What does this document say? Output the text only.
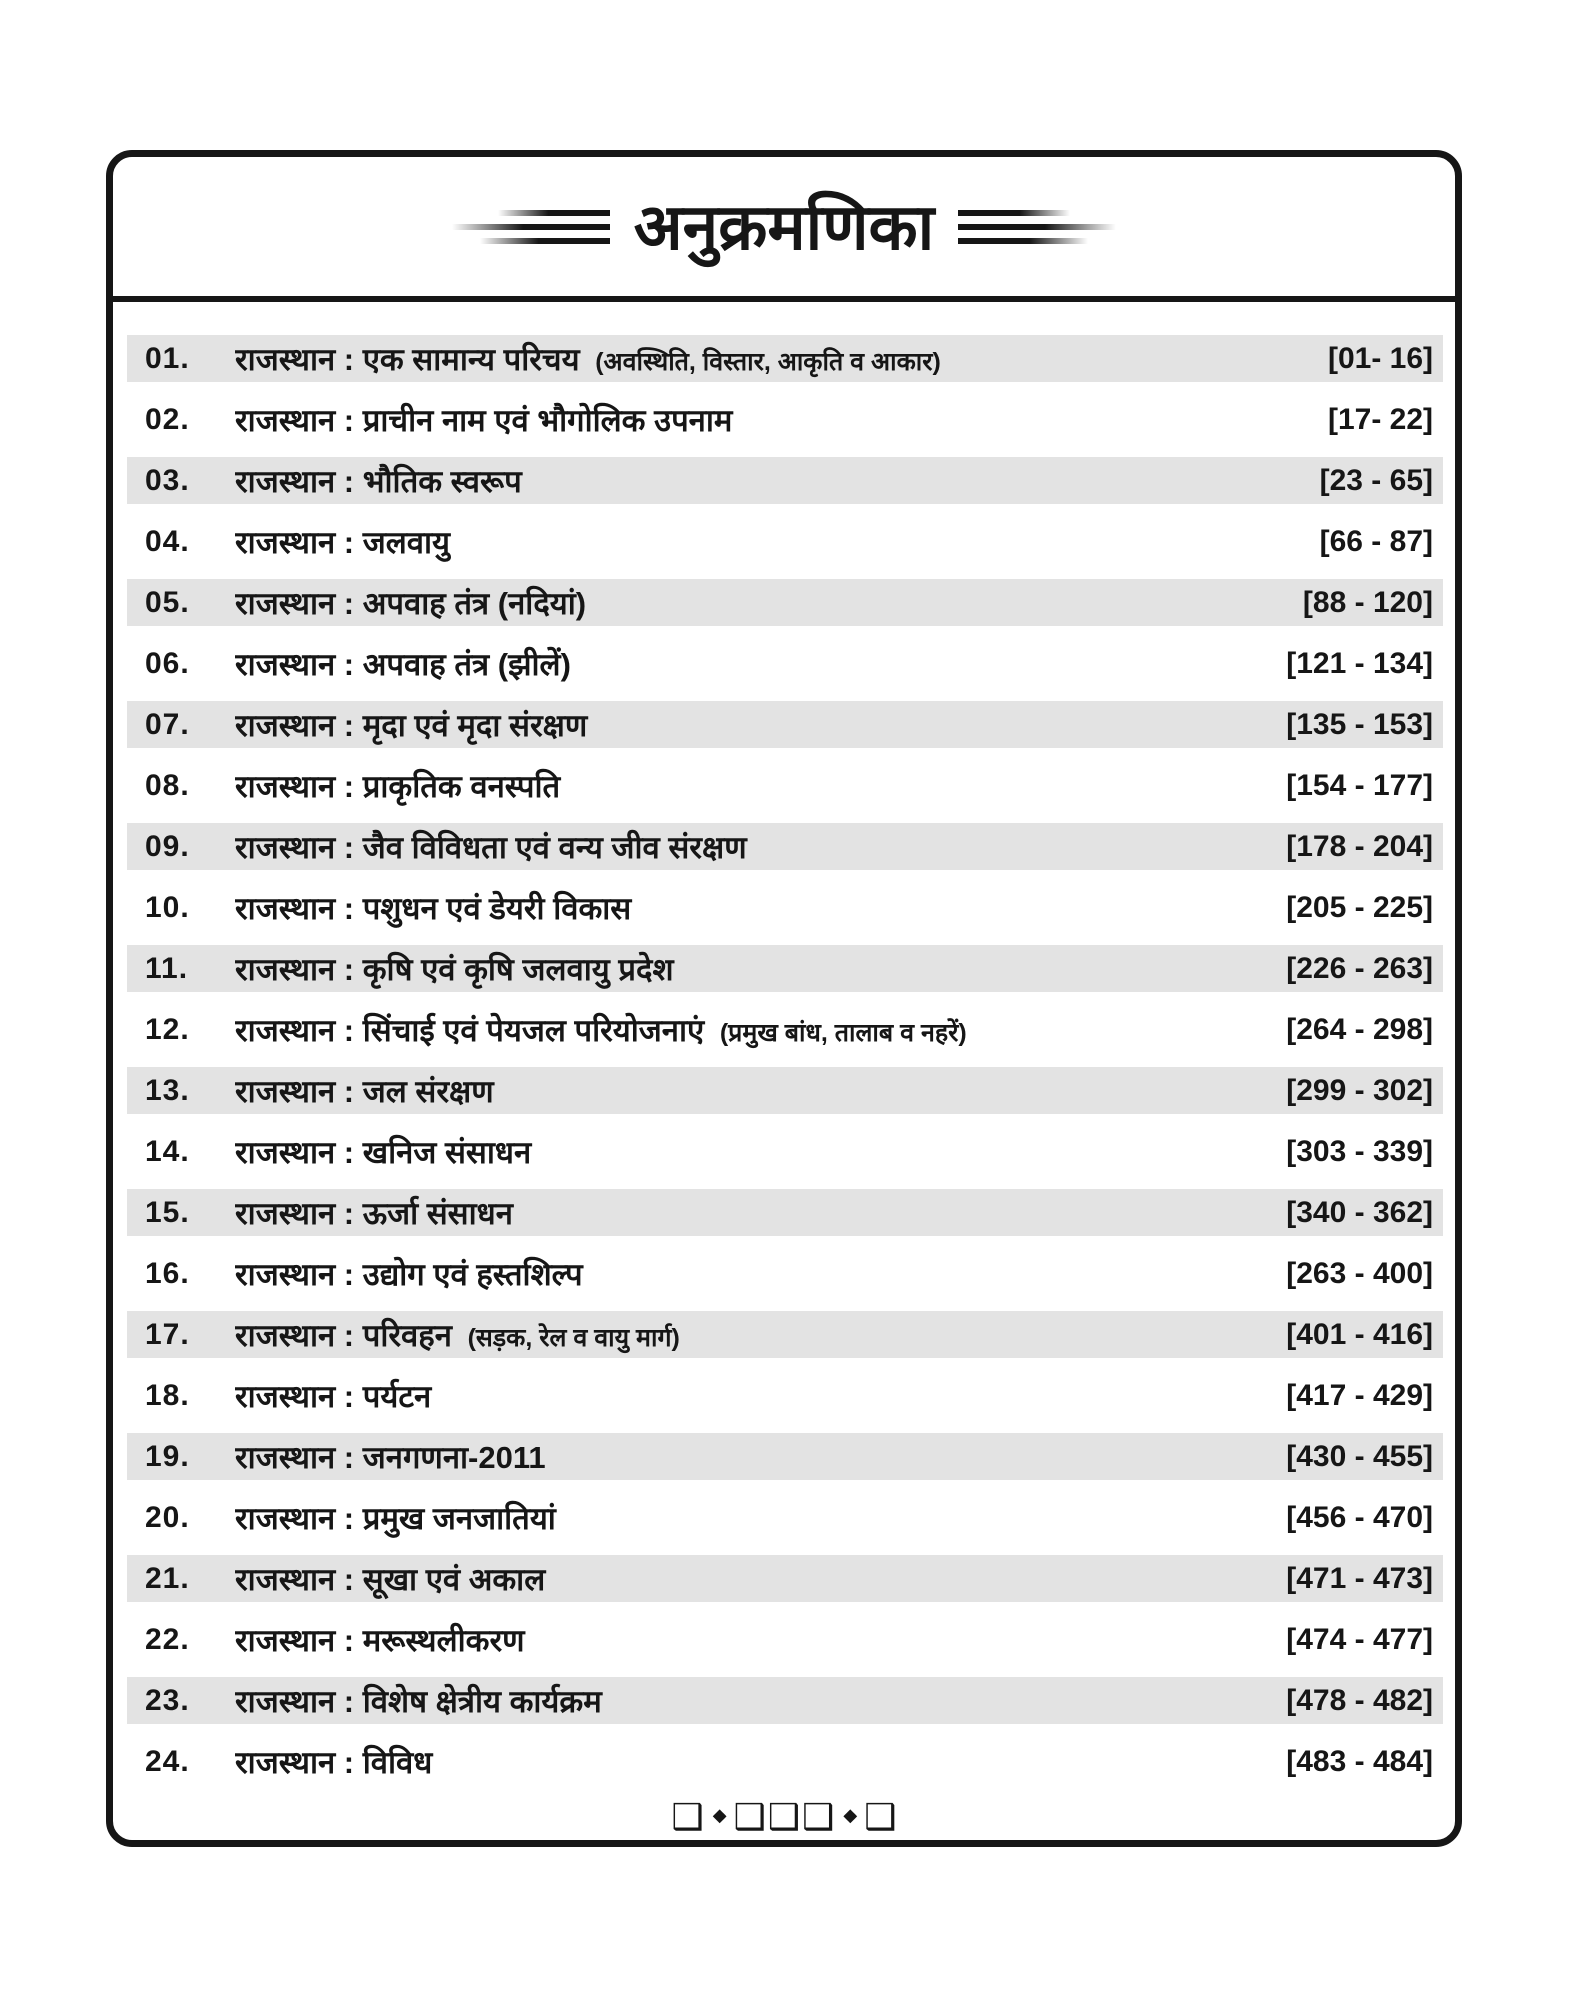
अनुक्रमणिका
01.	राजस्थान : एक सामान्य परिचय (अवस्थिति, विस्तार, आकृति व आकार)	[01- 16]
02.	राजस्थान : प्राचीन नाम एवं भौगोलिक उपनाम	[17- 22]
03.	राजस्थान : भौतिक स्वरूप	[23 - 65]
04.	राजस्थान : जलवायु	[66 - 87]
05.	राजस्थान : अपवाह तंत्र (नदियां)	[88 - 120]
06.	राजस्थान : अपवाह तंत्र (झीलें)	[121 - 134]
07.	राजस्थान : मृदा एवं मृदा संरक्षण	[135 - 153]
08.	राजस्थान : प्राकृतिक वनस्पति	[154 - 177]
09.	राजस्थान : जैव विविधता एवं वन्य जीव संरक्षण	[178 - 204]
10.	राजस्थान : पशुधन एवं डेयरी विकास	[205 - 225]
11.	राजस्थान : कृषि एवं कृषि जलवायु प्रदेश	[226 - 263]
12.	राजस्थान : सिंचाई एवं पेयजल परियोजनाएं (प्रमुख बांध, तालाब व नहरें)	[264 - 298]
13.	राजस्थान : जल संरक्षण	[299 - 302]
14.	राजस्थान : खनिज संसाधन	[303 - 339]
15.	राजस्थान : ऊर्जा संसाधन	[340 - 362]
16.	राजस्थान : उद्योग एवं हस्तशिल्प	[263 - 400]
17.	राजस्थान : परिवहन (सड़क, रेल व वायु मार्ग)	[401 - 416]
18.	राजस्थान : पर्यटन	[417 - 429]
19.	राजस्थान : जनगणना-2011	[430 - 455]
20.	राजस्थान : प्रमुख जनजातियां	[456 - 470]
21.	राजस्थान : सूखा एवं अकाल	[471 - 473]
22.	राजस्थान : मरूस्थलीकरण	[474 - 477]
23.	राजस्थान : विशेष क्षेत्रीय कार्यक्रम	[478 - 482]
24.	राजस्थान : विविध	[483 - 484]
❑ ◆ ❑❑❑ ◆ ❑
